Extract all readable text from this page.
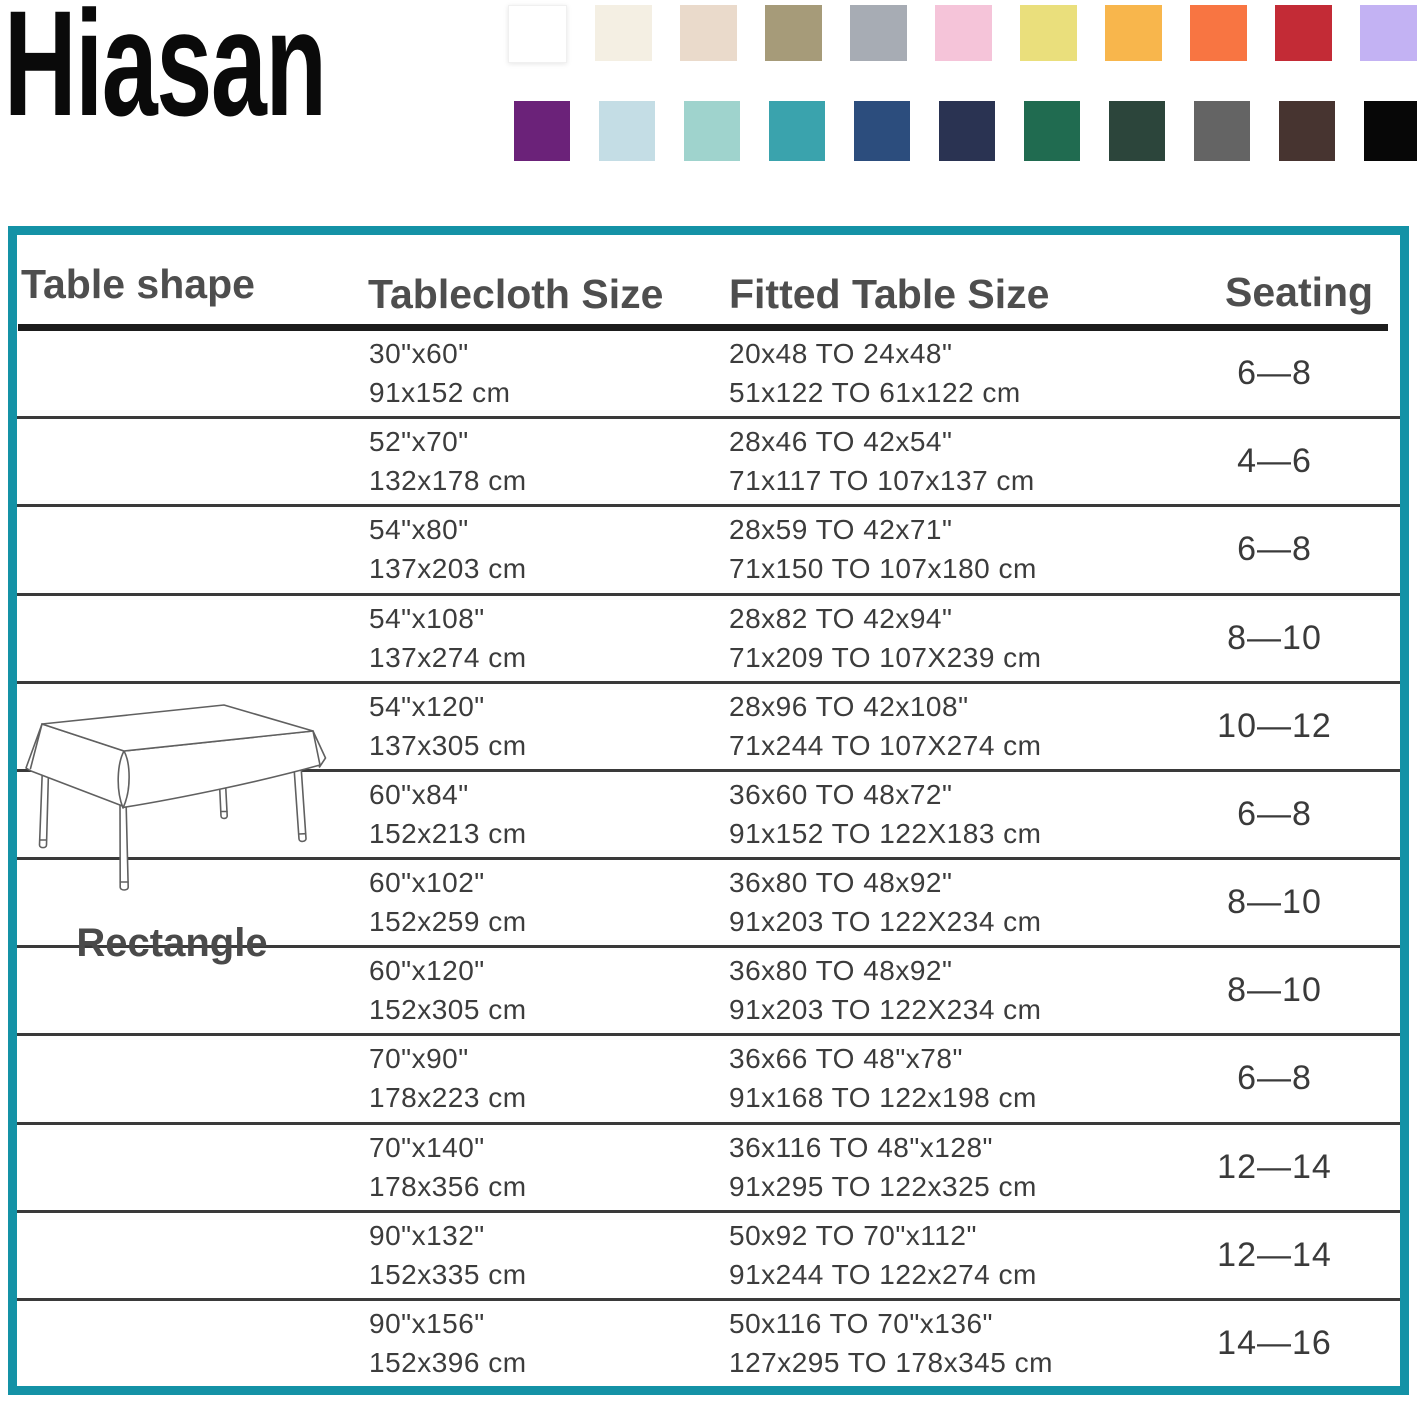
Hiasan
Table shape	Tablecloth Size Fitted Table Size	Seating
30"x60"
91x152 cm
20x48 TO 24x48"
51x122 TO 61x122 cm
6—8
52"x70"
132x178 cm
28x46 TO 42x54"
71x117 TO 107x137 cm
4—6
54"x80"
137x203 cm
28x59 TO 42x71"
71x150 TO 107x180 cm
6—8
54"x108"
137x274 cm
28x82 TO 42x94"
71x209 TO 107X239 cm
8—10
54"x120"
137x305 cm
28x96 TO 42x108"
71x244 TO 107X274 cm
10—12
60"x84"
152x213 cm
36x60 TO 48x72"
91x152 TO 122X183 cm
6—8
60"x102"
152x259 cm
36x80 TO 48x92"
91x203 TO 122X234 cm
8—10
60"x120"
152x305 cm
36x80 TO 48x92"
91x203 TO 122X234 cm
8—10
70"x90"
178x223 cm
36x66 TO 48"x78"
91x168 TO 122x198 cm
6—8
70"x140"
178x356 cm
36x116 TO 48"x128"
91x295 TO 122x325 cm
12—14
90"x132"
152x335 cm
50x92 TO 70"x112"
91x244 TO 122x274 cm
12—14
90"x156"
152x396 cm
50x116 TO 70"x136"
127x295 TO 178x345 cm
14—16
Rectangle
